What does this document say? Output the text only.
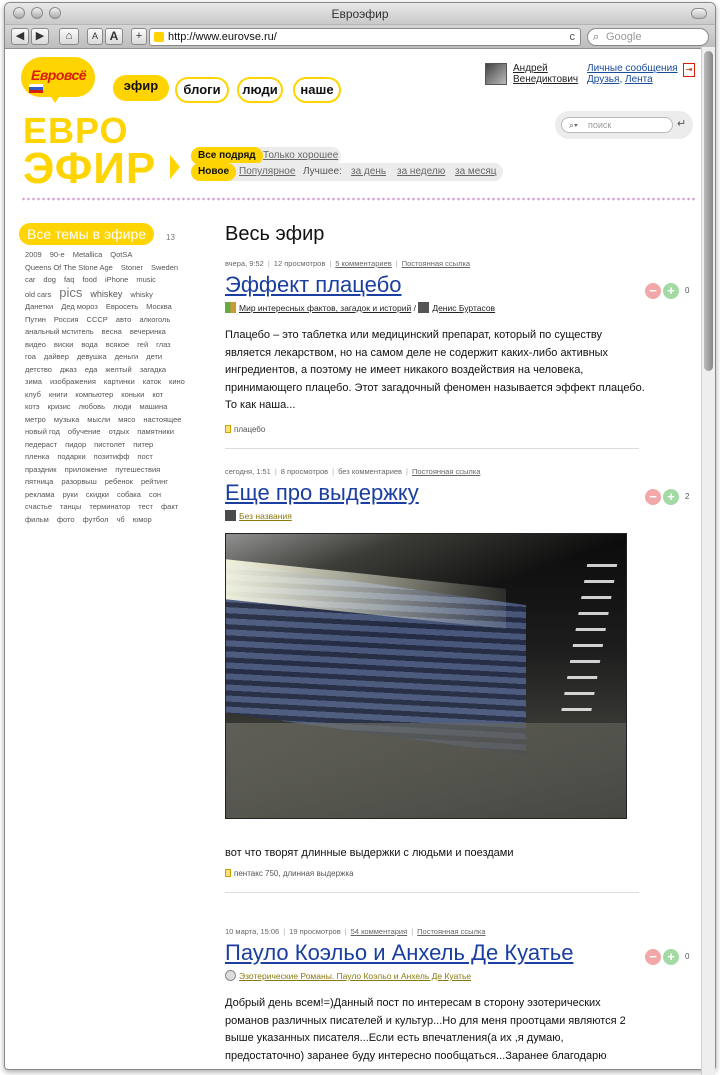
Евроэфир
◀	▶	⌂	A A	+	http://www.eurovse.ru/	c ⌕ Google
Евровсё
эфир	блоги	люди	наше
Андрей
Венедиктович
Личные сообщения
Друзья, Лента
⇥
ЕВРО
ЭФИР	Все подряд Только хорошее
Новое Популярное Лучшее: за день за неделю за месяц
⌕▾ поиск	↵
Все темы в эфире	13
2009 90-е Metallica QotSAQueens Of The Stone Age Stoner Swedencar dog faq food iPhone musicold cars pics whiskey whiskyДанетки Дед мороз Евросеть МоскваПутин Россия СССР авто алкогольанальный мститель весна вечеринкавидео виски вода всякое гей глазгоа дайвер девушка деньги детидетство джаз еда желтый загадказима изображения картинки каток киноклуб книги компьютер коньки коткотэ кризис любовь люди машинаметро музыка мысли мясо настоящееновый год обучение отдых памятникипедераст пидор пистолет питерпленка подарки позитифф постпраздник приложение путешествияпятница разорвыш ребенок рейтингреклама руки скидки собака сонсчастье танцы терминатор тест фактфильм фото футбол чб юмор
Весь эфир
вчера, 9:52 | 12 просмотров | 5 комментариев | Постоянная ссылка
Эффект плацебо
Мир интересных фактов, загадок и историй / Денис Буртасов
Плацебо – это таблетка или медицинский препарат, который по существу является лекарством, но на самом деле не содержит каких-либо активных ингредиентов, а поэтому не имеет никакого воздействия на человека, принимающего плацебо. Этот загадочный феномен называется эффект плацебо. То как наша...
плацебо
− +	0
сегодня, 1:51 | 8 просмотров | без комментариев | Постоянная ссылка
Еще про выдержку
Без названия
вот что творят длинные выдержки с людьми и поездами
пентакс 750, длинная выдержка
− +	2
10 марта, 15:06 | 19 просмотров | 54 комментария | Постоянная ссылка
Пауло Коэльо и Анхель Де Куатье
Эзотерические Романы. Пауло Коэльо и Анхель Де Куатье
Добрый день всем!=)Данный пост по интересам в сторону эзотерических романов различных писателей и культур...Но для меня проотцами являются 2 выше указанных писателя...Если есть впечатления(а их ,я думаю, предостаточно) заранее буду интересно пообщаться...Заранее благодарю
− +	0
